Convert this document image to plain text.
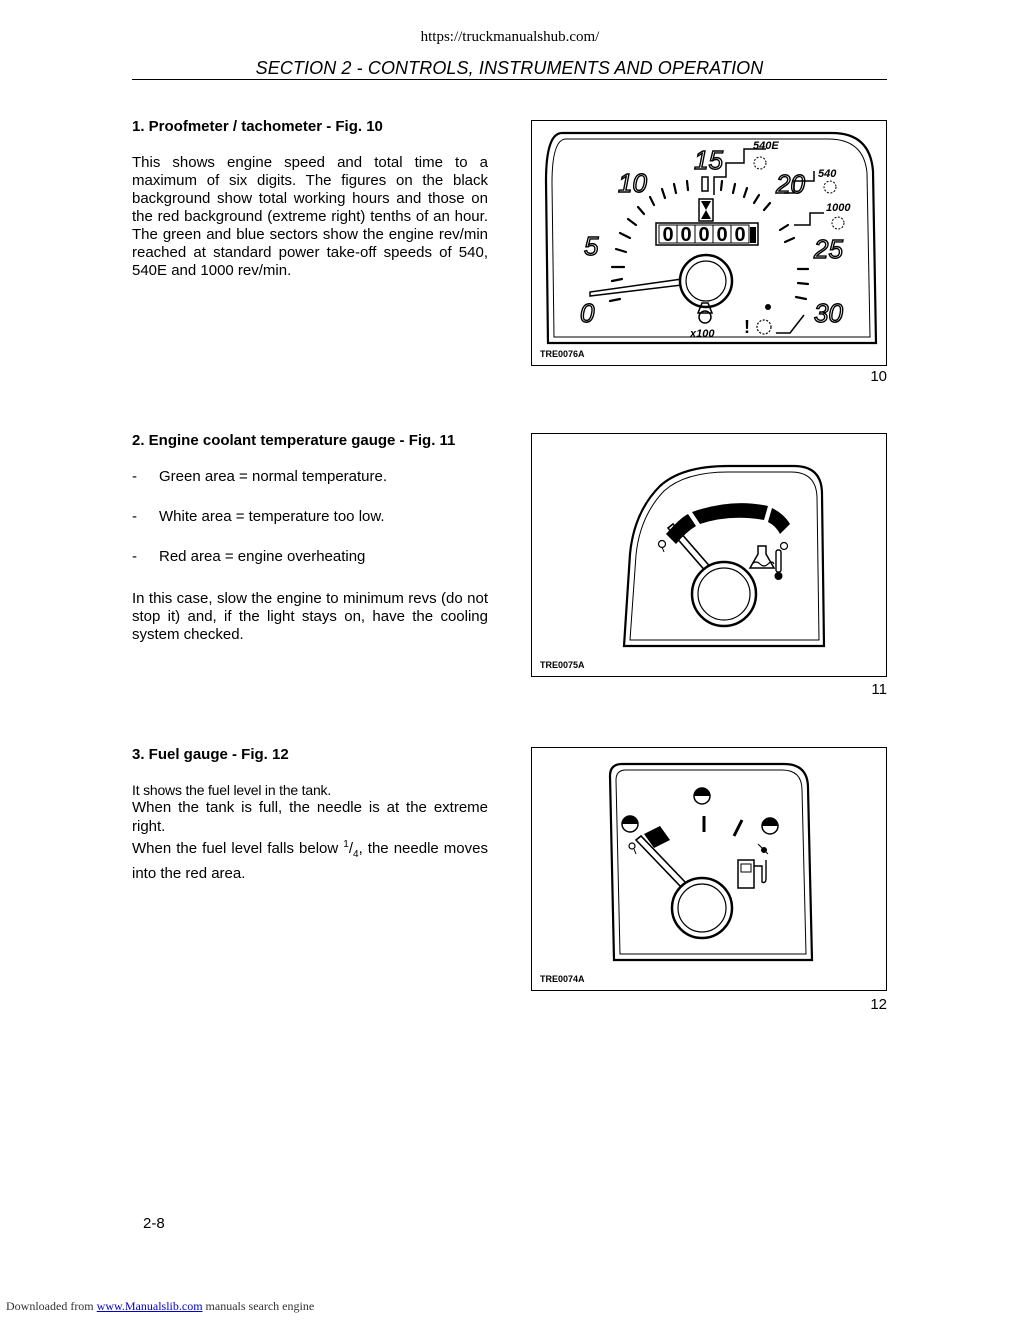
https://truckmanualshub.com/
SECTION 2 - CONTROLS, INSTRUMENTS AND OPERATION
1. Proofmeter / tachometer - Fig. 10

This shows engine speed and total time to a maximum of six digits. The figures on the black background show total working hours and those on the red background (extreme right) tenths of an hour. The green and blue sectors show the engine rev/min reached at standard power take-off speeds of 540, 540E and 1000 rev/min.

0
5
10
15
20
25
30
540E
540
1000
0 0 0 0 0
x100 !
TRE0076A
10
2. Engine coolant temperature gauge - Fig. 11
- Green area = normal temperature.
- White area = temperature too low.
- Red area = engine overheating

In this case, slow the engine to minimum revs (do not stop it) and, if the light stays on, have the cooling system checked.

TRE0075A
11
3. Fuel gauge - Fig. 12
It shows the fuel level in the tank.

When the tank is full, the needle is at the extreme right.

When the fuel level falls below $^1/_4$, the needle moves into the red area.

TRE0074A
12
2-8
Downloaded from www.Manualslib.com manuals search engine
